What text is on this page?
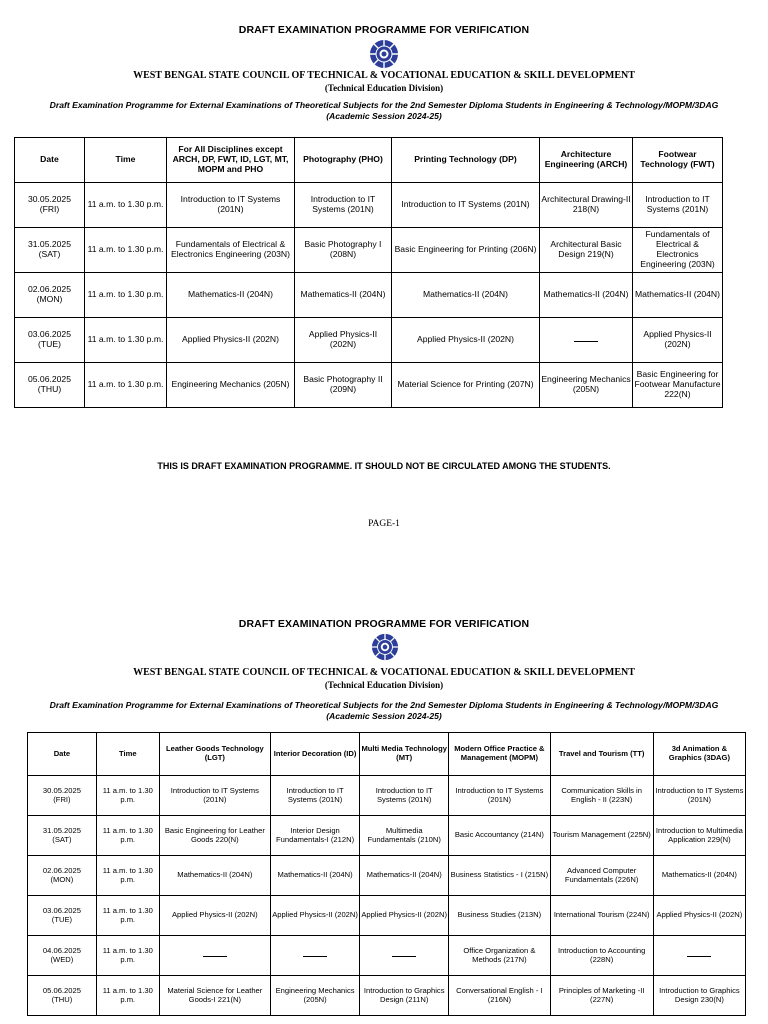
DRAFT EXAMINATION PROGRAMME FOR VERIFICATION
WEST BENGAL STATE COUNCIL OF TECHNICAL & VOCATIONAL EDUCATION & SKILL DEVELOPMENT
(Technical Education Division)
Draft Examination Programme for External Examinations of Theoretical Subjects for the 2nd Semester Diploma Students in Engineering & Technology/MOPM/3DAG
(Academic Session 2024-25)
Date	Time	For All Disciplines except ARCH, DP, FWT, ID, LGT, MT, MOPM and PHO	Photography (PHO)	Printing Technology (DP)	Architecture Engineering (ARCH)	Footwear Technology (FWT)

30.05.2025
(FRI)	11 a.m. to 1.30 p.m.	Introduction to IT Systems (201N)	Introduction to IT Systems (201N)	Introduction to IT Systems (201N)	Architectural Drawing-II 218(N)	Introduction to IT Systems (201N)

31.05.2025
(SAT)	11 a.m. to 1.30 p.m.	Fundamentals of Electrical & Electronics Engineering (203N)	Basic Photography I (208N)	Basic Engineering for Printing (206N)	Architectural Basic Design 219(N)	Fundamentals of Electrical & Electronics Engineering (203N)

02.06.2025
(MON)	11 a.m. to 1.30 p.m.	Mathematics-II (204N)	Mathematics-II (204N)	Mathematics-II (204N)	Mathematics-II (204N)	Mathematics-II (204N)

03.06.2025
(TUE)	11 a.m. to 1.30 p.m.	Applied Physics-II (202N)	Applied Physics-II (202N)	Applied Physics-II (202N)		Applied Physics-II (202N)

05.06.2025
(THU)	11 a.m. to 1.30 p.m.	Engineering Mechanics (205N)	Basic Photography II (209N)	Material Science for Printing (207N)	Engineering Mechanics (205N)	Basic Engineering for Footwear Manufacture 222(N)
THIS IS DRAFT EXAMINATION PROGRAMME. IT SHOULD NOT BE CIRCULATED AMONG THE STUDENTS.
PAGE-1
DRAFT EXAMINATION PROGRAMME FOR VERIFICATION
WEST BENGAL STATE COUNCIL OF TECHNICAL & VOCATIONAL EDUCATION & SKILL DEVELOPMENT
(Technical Education Division)
Draft Examination Programme for External Examinations of Theoretical Subjects for the 2nd Semester Diploma Students in Engineering & Technology/MOPM/3DAG
(Academic Session 2024-25)
Date	Time	Leather Goods Technology (LGT)	Interior Decoration (ID)	Multi Media Technology (MT)	Modern Office Practice & Management (MOPM)	Travel and Tourism (TT)	3d Animation & Graphics (3DAG)

30.05.2025
(FRI)	11 a.m. to 1.30 p.m.	Introduction to IT Systems (201N)	Introduction to IT Systems (201N)	Introduction to IT Systems (201N)	Introduction to IT Systems (201N)	Communication Skills in English - II (223N)	Introduction to IT Systems (201N)

31.05.2025
(SAT)	11 a.m. to 1.30 p.m.	Basic Engineering for Leather Goods 220(N)	Interior Design Fundamentals-I (212N)	Multimedia Fundamentals (210N)	Basic Accountancy (214N)	Tourism Management (225N)	Introduction to Multimedia Application 229(N)

02.06.2025
(MON)	11 a.m. to 1.30 p.m.	Mathematics-II (204N)	Mathematics-II (204N)	Mathematics-II (204N)	Business Statistics - I (215N)	Advanced Computer Fundamentals (226N)	Mathematics-II (204N)

03.06.2025
(TUE)	11 a.m. to 1.30 p.m.	Applied Physics-II (202N)	Applied Physics-II (202N)	Applied Physics-II (202N)	Business Studies (213N)	International Tourism (224N)	Applied Physics-II (202N)

04.06.2025
(WED)	11 a.m. to 1.30 p.m.				Office Organization & Methods (217N)	Introduction to Accounting (228N)	

05.06.2025
(THU)	11 a.m. to 1.30 p.m.	Material Science for Leather Goods-I 221(N)	Engineering Mechanics (205N)	Introduction to Graphics Design (211N)	Conversational English - I (216N)	Principles of Marketing -II (227N)	Introduction to Graphics Design 230(N)
